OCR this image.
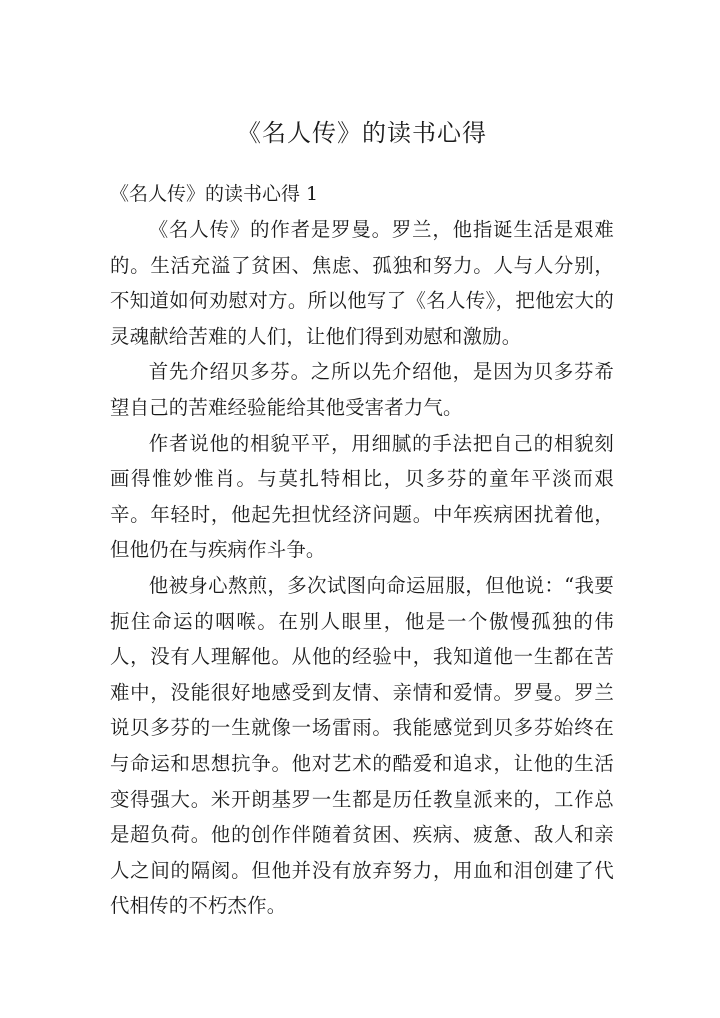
《名人传》的读书心得
《名人传》的读书心得 1

《名人传》的作者是罗曼。罗兰，他指诞生活是艰难的。生活充溢了贫困、焦虑、孤独和努力。人与人分别，不知道如何劝慰对方。所以他写了《名人传》，把他宏大的灵魂献给苦难的人们，让他们得到劝慰和激励。

首先介绍贝多芬。之所以先介绍他，是因为贝多芬希望自己的苦难经验能给其他受害者力气。

作者说他的相貌平平，用细腻的手法把自己的相貌刻画得惟妙惟肖。与莫扎特相比，贝多芬的童年平淡而艰辛。年轻时，他起先担忧经济问题。中年疾病困扰着他，但他仍在与疾病作斗争。

他被身心熬煎，多次试图向命运屈服，但他说：“我要扼住命运的咽喉。在别人眼里，他是一个傲慢孤独的伟人，没有人理解他。从他的经验中，我知道他一生都在苦难中，没能很好地感受到友情、亲情和爱情。罗曼。罗兰说贝多芬的一生就像一场雷雨。我能感觉到贝多芬始终在与命运和思想抗争。他对艺术的酷爱和追求，让他的生活变得强大。米开朗基罗一生都是历任教皇派来的，工作总是超负荷。他的创作伴随着贫困、疾病、疲惫、敌人和亲人之间的隔阂。但他并没有放弃努力，用血和泪创建了代代相传的不朽杰作。
